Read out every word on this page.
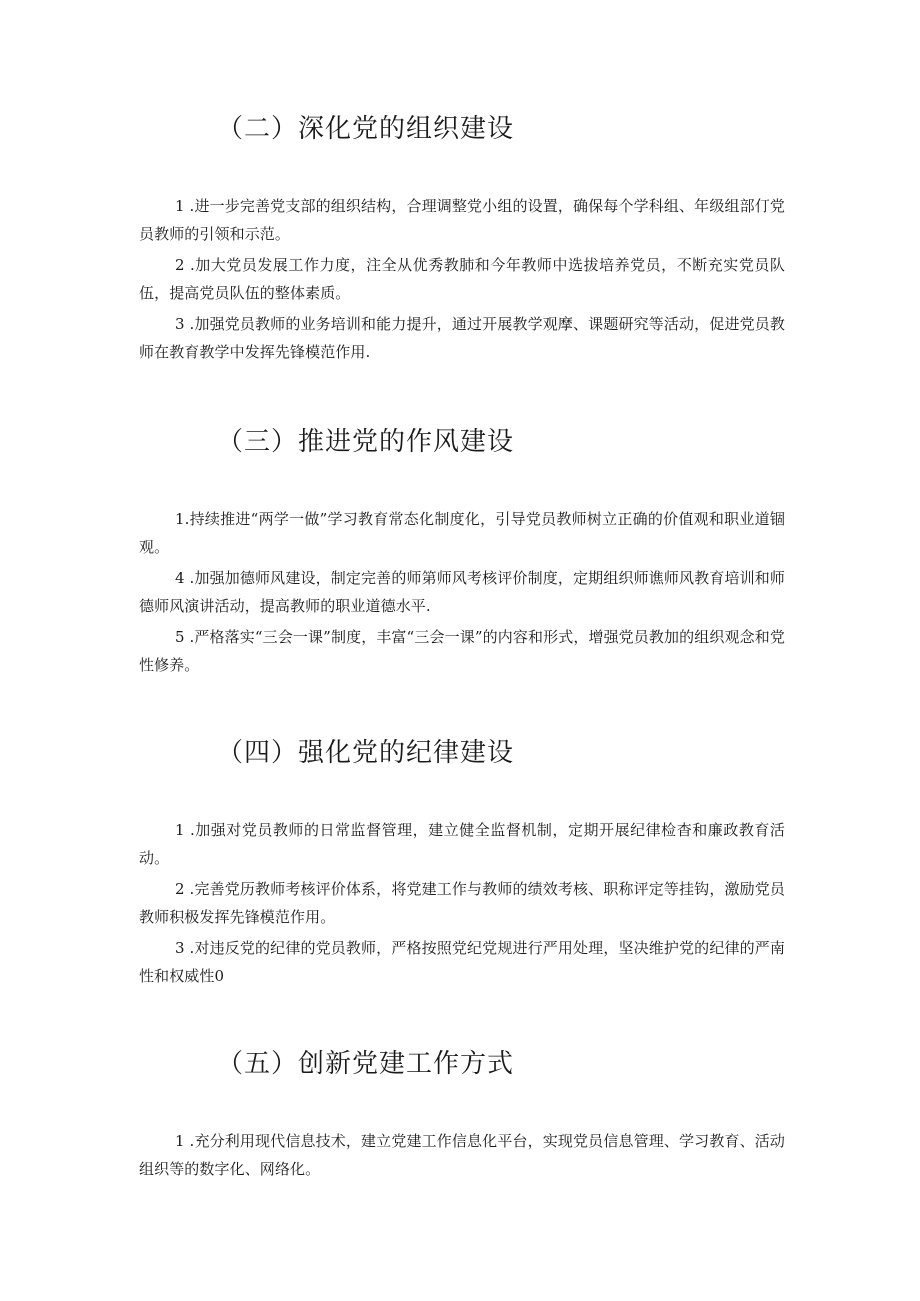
（二）深化党的组织建设

1 .进一步完善党支部的组织结构，合理调整党小组的设置，确保每个学科组、年级组部仃党员教师的引领和示范。

2 .加大党员发展工作力度，注全从优秀教肺和今年教师中选拔培养党员，不断充实党员队伍，提高党员队伍的整体素质。

3 .加强党员教师的业务培训和能力提升，通过开展教学观摩、课题研究等活动，促进党员教师在教育教学中发挥先锋模范作用.

（三）推进党的作风建设

1.持续推进“两学一做”学习教育常态化制度化，引导党员教师树立正确的价值观和职业道锢观。

4 .加强加德师风建设，制定完善的师第师风考核评价制度，定期组织师谯师风教育培训和师德师风演讲活动，提高教师的职业道德水平.

5 .严格落实“三会一课”制度，丰富“三会一课”的内容和形式，增强党员教加的组织观念和党性修养。

（四）强化党的纪律建设

1 .加强对党员教师的日常监督管理，建立健全监督机制，定期开展纪律检杳和廉政教育活动。

2 .完善党历教师考核评价体系，将党建工作与教师的绩效考核、职称评定等挂钩，激励党员教师积极发挥先锋模范作用。

3 .对违反党的纪律的党员教师，严格按照党纪党规进行严用处理，坚决维护党的纪律的严南性和权威性0

（五）创新党建工作方式

1 .充分利用现代信息技术，建立党建工作信息化平台，实现党员信息管理、学习教育、活动组织等的数字化、网络化。
